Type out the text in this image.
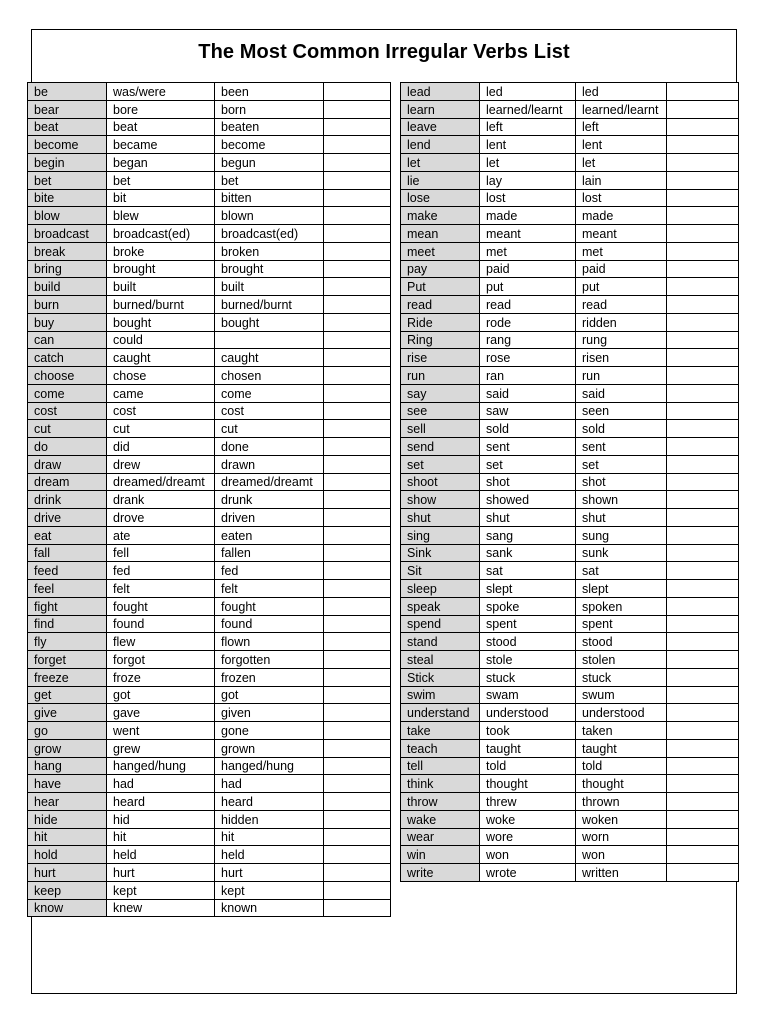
The Most Common Irregular Verbs List
be	was/were	been	
bear	bore	born	
beat	beat	beaten	
become	became	become	
begin	began	begun	
bet	bet	bet	
bite	bit	bitten	
blow	blew	blown	
broadcast	broadcast(ed)	broadcast(ed)	
break	broke	broken	
bring	brought	brought	
build	built	built	
burn	burned/burnt	burned/burnt	
buy	bought	bought	
can	could		
catch	caught	caught	
choose	chose	chosen	
come	came	come	
cost	cost	cost	
cut	cut	cut	
do	did	done	
draw	drew	drawn	
dream	dreamed/dreamt	dreamed/dreamt	
drink	drank	drunk	
drive	drove	driven	
eat	ate	eaten	
fall	fell	fallen	
feed	fed	fed	
feel	felt	felt	
fight	fought	fought	
find	found	found	
fly	flew	flown	
forget	forgot	forgotten	
freeze	froze	frozen	
get	got	got	
give	gave	given	
go	went	gone	
grow	grew	grown	
hang	hanged/hung	hanged/hung	
have	had	had	
hear	heard	heard	
hide	hid	hidden	
hit	hit	hit	
hold	held	held	
hurt	hurt	hurt	
keep	kept	kept	
know	knew	known	
lead	led	led	
learn	learned/learnt	learned/learnt	
leave	left	left	
lend	lent	lent	
let	let	let	
lie	lay	lain	
lose	lost	lost	
make	made	made	
mean	meant	meant	
meet	met	met	
pay	paid	paid	
Put	put	put	
read	read	read	
Ride	rode	ridden	
Ring	rang	rung	
rise	rose	risen	
run	ran	run	
say	said	said	
see	saw	seen	
sell	sold	sold	
send	sent	sent	
set	set	set	
shoot	shot	shot	
show	showed	shown	
shut	shut	shut	
sing	sang	sung	
Sink	sank	sunk	
Sit	sat	sat	
sleep	slept	slept	
speak	spoke	spoken	
spend	spent	spent	
stand	stood	stood	
steal	stole	stolen	
Stick	stuck	stuck	
swim	swam	swum	
understand	understood	understood	
take	took	taken	
teach	taught	taught	
tell	told	told	
think	thought	thought	
throw	threw	thrown	
wake	woke	woken	
wear	wore	worn	
win	won	won	
write	wrote	written	
